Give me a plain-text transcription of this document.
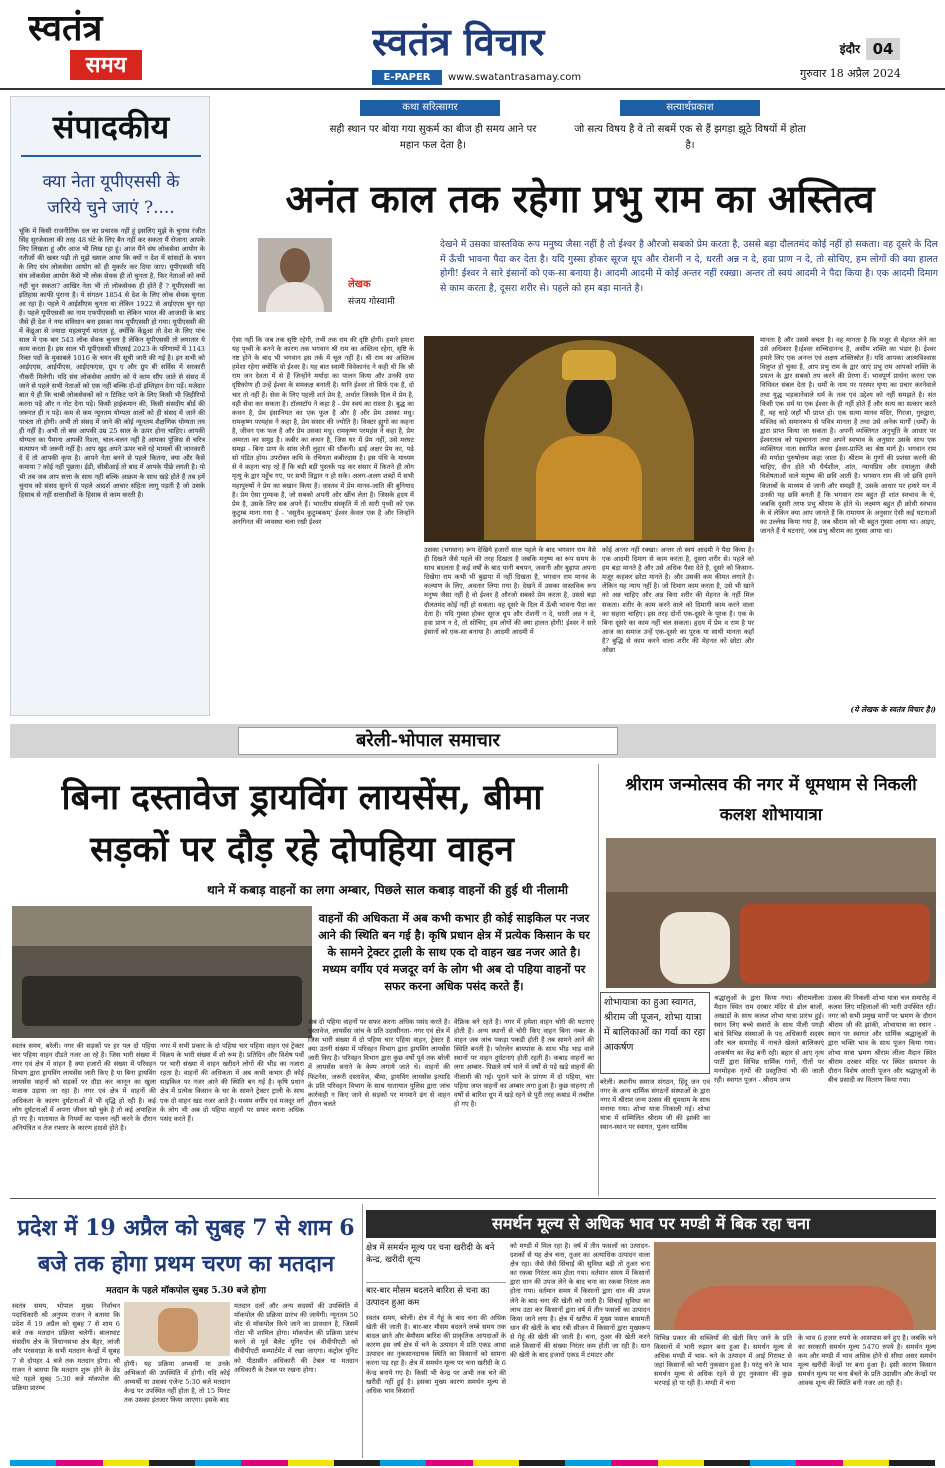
स्वतंत्र
समय
स्वतंत्र विचार
E-PAPER	www.swatantrasamay.com
इंदौर 04
गुरुवार 18 अप्रैल 2024
संपादकीय
क्या नेता यूपीएससी के जरिये चुने जाएं ?....
चूंकि में किसी राजनीतिक दल का प्रचारक नहीं हूं इसलिए मुझे के चुनाव रंजीत सिंह सुरजेवाला की तरह 48 घंटे के लिए बैन नहीं कर सकता मैं रोजाना आपके लिए लिखता हूं और आज भी लिख रहा हूं। आज मैंने संघ लोकसेवा आयोग के नतीजों की खबर पढ़ी तो मुझे ख्याल आया कि क्यों न देश में सांसदों के चयन के लिए संघ लोकसेवा आयोग को ही मुकर्रर कर दिया जाए। यूपीएससी यदि संघ लोकसेवा आयोग कैसे भी लोक सेवक ही तो चुनता है, फिर नेताओं को क्यों नहीं चुन सकता? आखिर नेता भी तो लोकसेवक ही होते हैं ? यूपीएससी का इतिहास काफी पुराना है। ये संगठन 1854 से देश के लिए लोक सेवक चुनता आ रहा है। पहले ये आईसीएस चुनता था लेकिन 1922 से आईएएस चुन रहा है। पहले यूपीएससी का नाम एफपीएससी था लेकिन भारत की आजादी के बाद जैसे ही देश ने नया संविधान बना इसका नाम यूपीएससी हो गया। यूपीएससी की में केंद्रुआ से ज्यादा महत्वपूर्ण मानता हूं, क्योंकि केंद्रुआ तो देश के लिए पांच साल में एक बार 543 लोक सेवक चुनता है लेकिन यूपीएससी तो लगातार ये काम करता है। इस साल भी यूपीएससी सीएसई 2023 के परिणामों में 1143 रिक्त पदों के मुकाबले 1016 के चयन की सूची जारी की गई है। इन सभी को आईएएस, आईपीएस, आईएफएस, ग्रुप ए और ग्रुप बी सर्विस में सरकारी नौकरी मिलेगी। यदि संघ लोकसेवा आयोग को ये काम सौंप जाते से संसद में जाने से पहले सभी नेताओं को एक नहीं बल्कि दो-दो इम्तिहान देना पड़ें। मजेदार बात ये ही कि चाबी लोकसेवकों को न टिकिट पाने के लिए किसी भी जिहीरियों करना पड़े और न नोट देना पड़े। किसी हाईकमान की, किसी संसदीय बोर्ड की जरूरत ही न पड़े। कम से कम न्यूनतम योग्यता वालों को ही संसद में जाने की पात्रता तो होगी। अभी तो संसद में जाने की कोई न्यूनतम शैक्षणिक योग्यता तय ही नहीं है। अभी तो बस आपकी उम्र 25 साल के ऊपर होना चाहिए। आपकी योग्यता का पैमाना आपकी रिश्ता, चाल-चलन नहीं है आपका पूंजिस से चरित्र सत्यापन भी जरूरी नहीं है। आप खुद अपने ऊपर चले रहे मामलों की जानकारी दे दें तो आपकी कृपा है। आपने नेता बनने से पहले कितना, क्या और कैसे कमाया ? कोई नहीं पूछता। ईडी, सीबीआई तो बाद में आपके पीछे लगती है। यो भी तब जब आप सत्ता के साथ नहीं बल्कि आक्रम के साथ खड़े होते हैं तब हमें चुनाव को संसद सुनने से पहले आदर्श आचार संहिता लागू पड़ती है जो उसके हिसाब से नहीं सत्ताधीशों के हिसाब से काम करती है।
कथा सरित्सागर
सही स्थान पर बोया गया सुकर्म का बीज ही समय आने पर महान फल देता है।
सत्यार्थप्रकाश
जो सत्य विषय है वे तो सबमें एक से हैं झगड़ा झूठे विषयों में होता है।
अनंत काल तक रहेगा प्रभु राम का अस्तित्व
लेखक
संजय गोस्वामी
देखने में उसका वास्तविक रूप मनुष्य जैसा नहीं है तो ईश्वर है औरजो सबको प्रेम करता है, उससे बड़ा दौलतमंद कोई नहीं हो सकता। वह दूसरे के दिल में ऊँची भावना पैदा कर देता है। यदि गुस्सा होकर सूरज धूप और रोशनी न दे, धरती अन्न न दे, हवा प्राण न दे, तो सोचिए, हम लोगों की क्या हालत होगी! ईश्वर ने सारे इंसानों को एक-सा बनाया है। आदमी आदमी में कोई अन्तर नहीं रक्खा। अन्तर तो स्वयं आदमी ने पैदा किया है। एक आदमी दिमाग से काम करता है, दूसरा शरीर से। पहले को हम बड़ा मानते है।
ऐसा नहीं कि जब तक सृष्टि रहेगी, तभी तक राम की दृष्टि होगी। हमारे हमारा यह पृथ्वी के बनने के कारण तक भगवान श्री राम का अस्तित्व रहेगा, सृष्टि के नष्ट होने के बाद भी भगवान इस तर्क में चूल नहीं है। श्री राम का अस्तित्व हमेशा रहेगा क्योंकि वो ईश्वर है। यह बात स्वामी विवेकानंद ने कही थी कि श्री राम जन देवता में से हैं जिन्होंने मर्यादा का पालन किया और उनकी दया दृष्टिकोण ही उन्हें ईश्वर के समकक्ष बनाती है। यानि ईश्वर तो सिर्फ एक है, दो चार तो नहीं हैं। सेवा के लिए पहली शर्त प्रेम है, अर्थात जिसके दिल में प्रेम है, वही सेवा कर सकता है। टॉलस्टॉय ने कहा है - प्रेम स्वयं का रास्ता है। बुद्ध का कथन है, प्रेम इंसानियत का एक फूल है और है और प्रेम उसका मधु। रामकृष्ण परमहंस ने कहा है, प्रेम संसार की ज्योति है। विक्टर ह्यूगो का कहना है, जीवन एक फल है और प्रेम उसका मधु। रामकृष्ण परमहंस ने कहा है, प्रेम अमरता का समुद्र है। कबीर का कथन है, जिस घर में प्रेम नहीं, उसे मरघट समझ - बिना प्राण के सांस लेती लुहार की धौंकनी। ढाई अक्षर प्रेम का, पढ़े सो पंडित होय। उपरोक्त कथि के रचियता कबीरदास है। इस पंथि के माध्यम से ये कहना चाह रहे हैं कि बड़ी बड़ी पुस्तकें पढ़ कर संसार में कितने ही लोग मृत्यु के द्वार पहुँच गए, पर सभी विद्वान न हो सके। अलग-अलग शब्दों में सभी महापुरुषों ने प्रेम का बखान किया है। वास्तव में प्रेम मानव-जाति की बुनियाद है। प्रेम ऐसा गुम्फक है, जो सबको अपनी ओर खींच लेता है। जिसके हृदय में प्रेम है, उसके लिए सब अपने हैं। भारतीय संस्कृति में तो सारी पृथ्वी को एक कुटुम्ब माना गया है - 'वसुधैव कुटुम्बकम्' ईश्वर केवल एक है और जिन्होंने अनगिनत की व्यवस्था चला रखी ईश्वर
उसका (भगवान) रूप देखिये हजारों साल पहले के बाद भगवान राम वैसे ही दिखते जैसे पहले की तरह दिखता है जबकि मनुष्य का रूप समय के साथ बदलता है कई वर्षों के बाद यानी बचपन, जवानी और बुढ़ापा अपना दिखेगा राम कभी भी बुढ़ापा में नहीं दिखता है, भगवान राम मानव के कल्याण के लिए, अवतार लिया गया है। देखने में उसका वास्तविक रूप मनुष्य जैसा नहीं है वो ईश्वर है औरजो सबको प्रेम करता है, उससे बड़ा दौलतमंद कोई नहीं हो सकता। वह दूसरे के दिल में ऊँची भावना पैदा कर देता है। यदि गुस्सा होकर सूरज धूप और रोशनी न दे, धरती अन्न न दे, हवा प्राण न दे, तो सोचिए, हम लोगों की क्या हालत होगी! ईश्वर ने सारे इंसानों को एक-सा बनाया है। आदमी आदमी में
कोई अन्तर नहीं रक्खा। अन्तर तो स्वयं आदमी ने पैदा किया है। एक आदमी दिमाग से काम करता है, दूसरा शरीर से। पहले को हम बड़ा मानते है और उसे अधिक पैसा देते है, दूसरे को किसान-मजूर कहकर छोटा मानते है। और उसकी कम कीमत लगाते है। लेकिन यह न्याय नहीं है। जो दिमाग काम करता है, उसे भी खाने को अन्न चाहिए और अन्न बिना शरीर की मेहनत के नहीं मिल सकता। शरीर के काम करने वाले को दिमागी काम करने वाला का सहारा चाहिए। इस तरह दोनों एक-दूसरे के पूरक है। एक के बिना दूसरे का काम नहीं चल सकता। हृदय में प्रेम व राम है पर आज का समाज उन्हें एक-दूसरे का पूरक या साथी मानता कहाँ है? बुद्धि से काम करने वाला शरीर की मेहनत को छोटा और ओछा
मानता है और उससे बचता है। वह मानता है कि मजूर से मेहनत लेने का उसे अधिकार है।ईश्वर सच्चिदानन्द है, असीम शक्ति का भंडार है। ईश्वर हमारे लिए एक अनन्त एवं अक्षय शक्तिस्रोत है। यदि आपका आत्मविश्वास विलुप्त हो चुका है, आप प्रभु राम के द्वार जाएं प्रभु राम आपको शक्ति के प्रयत्न के द्वार सबको तप करने की प्रेरणा दें। भावपूर्ण प्रार्थना करना एक विधिवत संबल देता है। धर्मों के नाम पर परस्पर घृणा का प्रचार करनेवाले तथा युद्ध भड़कानेवाले धर्म के तत्व एवं उद्देश्य को नहीं समझते है। संत किसी एक धर्म या एक ईश्वर के ही नहीं होते हैं और सत्य का सत्कार करते हैं, वह चाहे जहाँ भी प्राप्त हो। एक सत्या मानव मंदिर, गिरजा, गुरुद्वारा, मस्जिद को समानरूप से पवित्र मानता है तथा उसे अनेक मार्गों (धर्मों) के द्वारा प्राप्त किया जा सकता है। अपनी व्यक्तिगत अनुभूति के आधार पर ईश्वरतत्व को पहचानना तथा अपने स्वभाव के अनुसार उसके साथ एक व्यक्तिगत नाता स्थापित करना ईश्वर-प्राप्ति का श्रेष्ठ मार्ग है। भगवान राम की मर्यादा पुरुषोत्तम कहा जाता है। श्रीराम के गुणों की प्रशंसा करनी की चाहिए, दीन होते भी धैर्यशील, शांत, न्यायप्रिय और दयालुता जैसी विशेषताओं वाले मनुष्य की छवि आती है। भगवान राम की जो छवि हमने किताबों के माध्यम से जानी और समझी है, उसके आधार पर हमारे मन में उनकी यह छवि बनती है कि भगवान राम बहुत ही शांत स्वभाव के थे, जबकि दूसरी तरफ प्रभु श्रीराम के होते थे। लक्ष्मण बहुत ही क्रोधी स्वभाव के थे लेकिन क्या आप जानते हैं कि रामायण के अनुसार ऐसी कई घटनाओं का उल्लेख किया गया है, जब श्रीराम को भी बहुत गुस्सा आया था। आइए, जानते हैं ये घटनाएं, जब प्रभु श्रीराम का गुस्सा आया था।
(ये लेखक के स्वतंत्र विचार है।)
बरेली-भोपाल समाचार
बिना दस्तावेज ड्रायविंग लायसेंस, बीमा
सड़कों पर दौड़ रहे दोपहिया वाहन
थाने में कबाड़ वाहनों का लगा अम्बार, पिछले साल कबाड़ वाहनों की हुई थी नीलामी
वाहनों की अधिकता में अब कभी कभार ही कोई साइकिल पर नजर आने की स्थिति बन गई है। कृषि प्रधान क्षेत्र में प्रत्येक किसान के घर के सामने ट्रेक्टर ट्राली के साथ एक दो वाहन खड नजर आते है। मध्यम वर्गीय एवं मजदूर वर्ग के लोग भी अब दो पहिया वाहनों पर सफर करना अधिक पसंद करते हैं।
स्वतंत्र समय, बरेली। नगर की सड़कों पर हर पल दो पहिया चार पहिया वाहन दौडते नजर आ रहे है। जिस भारी संख्या में नगर एवं क्षेत्र में वाहन है क्या हजारों की संख्या में परिवहन विभाग द्वारा ड्रायविंग लायसेंस जारी किए है या बिना ड्रायविंग लायसेंस वाहनों को सड़कों पर दौड़ा कर कानून का खुला मजाक उड़ाया जा रहा है। नगर एवं क्षेत्र में वाहनों की अधिकता के कारण दुर्घटनाओं में भी वृद्धि हो रही है। कई लोग दुर्घटनाओं में अपना जीवन खो चुके है तो कई अपाहिज हो गए है। यातायात के नियमों का पालन नहीं करने के दौरान अनियंत्रित व तेज रफ्तार के कारण हादसे होते है।
नगर में सभी प्रकार के दो पहिया चार पहिया वाहन एवं ट्रेक्टर विक्रय के भारी संख्या में शो रूम है। प्रतिदिन और विशेष पर्वों पर भारी संख्या में वाहन खरीदने लोगों की भीड का नजारा रहता है। वाहनों की अधिकता में अब कभी कभार ही कोई साइकिल पर नजर आने की स्थिति बन गई है। कृषि प्रधान क्षेत्र में प्रत्येक किसान के घर के सामने ट्रेक्टर ट्राली के साथ एक दो वाहन खड नजर आते है। मध्यम वर्गीय एवं मजदूर वर्ग के लोग भी अब दो पहिया वाहनों पर सफर करना अधिक पसंद करते हैं।
अब दो पहिया वाहनों पर सफर करना अधिक पसंद करते है। दस्तावेज, लायसेंस जांच के प्रति उदासीनता- नगर एवं क्षेत्र में जिस भारी संख्या में दो पहिया चार पहिया वाहन, ट्रेक्टर है क्या उतनी संख्या में परिवहन विभाग द्वारा ड्रायविंग लायसेंस जारी किए है। परिवहन विभाग द्वारा कुछ वर्षो पूर्व तक बरेली में लायसेंस बनाने के केम्प लगाये जाते थे। वाहनों की फिटनेस, जरूरी दस्तावेज, बीमा, ड्रायविंग लायसेंस इत्यादि के प्रति परिवहन विभाग के साथ यातायात पुलिस द्वारा जांच कार्रवाही न किए जाने से सड़कों पर मनमाने ढंग से वाहन दौरान चलते
वेफ्रिक बने रहते है। नगर में हमेशा वाहन चोरी की घटनाएं होती है। अन्य स्थानों से चोरी किए वाहन बिना नम्बर के वाहन जब जांच पकड़ा पकडी होती है तब सामने आने की स्थिति बनती है। फोरलेन बायपास के साथ भीड़ भाड़ वाले स्थानों पर वाहन दुर्घटनाएं होती रहती है। कबाड़ वाहनों का लगा अम्बार- पिछले वर्ष थाने में वर्षों से पड़े खड़े वाहनों की नीलामी की गई। पुराने थाने के प्रांगण में दो पहिया, चार पहिया जप्त वाहनों का अम्बार लगा हुआ है। कुछ वाहनए तो वर्षों से बारिश धूप में खड़े रहने से पूरी तरह कबाड में तब्दील हो गए है।
श्रीराम जन्मोत्सव की नगर में धूमधाम से निकली कलश शोभायात्रा
शोभायात्रा का हुआ स्वागत, श्रीराम जी पूजन, शोभा यात्रा में बालिकाओं का गर्वा का रहा आकर्षण
बरेली। स्थानीय समाज संगठन, हिंदू जन एवं नगर के अन्य धार्मिक संगठनों संस्थाओं के द्वारा नगर में श्रीराम जन्म उत्सव की धूमधाम के साथ मनाया गया। शोभा यात्रा निकाली गई। शोभा यात्रा में सम्मिलित श्रीराम जी की झांकी का स्थान-स्थान पर स्वागत, पूजन धार्मिक
श्रद्धालुओं के द्वारा किया गया। श्रीरामलीला मैदान स्थित राम दरबार मंदिर से ढोल बाजों, अखाडों के साथ कलश शोभा यात्रा प्रारंभ हुई। स्थान लिए बच्चे सवारों के साथ पीली पगड़ी बांधे विभिन्न संस्थाओं के पद अधिकारी सदस्य और चल समारोह में नाचते खेलते बालिकाएं आकर्षण का केंद्र बनी रही। बहार से आए नृत्य पार्टी द्वारा विभिन्न धार्मिक गानों, गीतों पर मनमोहक नृत्यों की प्रस्तुतियां भी की जाती रही। स्वागत पूजन - श्रीराम जन्म
उत्सव की निकली शोभा यात्रा चल समारोह में कलश लिए महिलाओं की भारी उपस्थित रही। नगर को सभी प्रमुख मार्गों पर भ्रमण के दौरान श्रीराम जी की झांकी, शोभायात्रा का स्थान - स्थान पर स्वागत और धार्मिक श्रद्धालुओं के द्वारा भक्ति भाव के साथ पूजन किया गया। शोभा यात्रा भ्रमण श्रीराम लीला मैदान स्थित श्रीराम दरबार मंदिर पर स्थित समापन के दौरान विशेष आरती पूजन और श्रद्धालुओं के बीच प्रसादी का वितरण किया गया।
प्रदेश में 19 अप्रैल को सुबह 7 से शाम 6
बजे तक होगा प्रथम चरण का मतदान
मतदान के पहले मॉकपोल सुबह 5.30 बजे होगा
स्वतंत्र समय, भोपाल मुख्य निर्वाचन पदाधिकारी श्री अनुपम राजन ने बताया कि प्रदेश में 19 अप्रैल को सुबह 7 से शाम 6 बजे तक मतदान प्रक्रिया चलेगी। बालाघाट संसदीय क्षेत्र के विधानसभा क्षेत्र बैहर, लांजी और परसवाड़ा के सभी मतदान केन्द्रों में सुबह 7 से दोपहर 4 बजे तक मतदान होगा। श्री राजन ने बताया कि मतदान शुरू होने के डेढ़ घंटे पहले सुबह 5:30 बजे मॉकपोल की प्रक्रिया प्रारम्भ
होगी। यह प्रक्रिया अभ्यर्थी या उनके अभिकर्ता की उपस्थिति में होगी। यदि कोई अभ्यर्थी या उसका एजेन्ट 5:30 बजे मतदान केन्द्र पर उपस्थित नहीं होता है, तो 15 मिनट तक उसका इंतजार किया जाएगा। इसके बाद
मतदान दलों और अन्य सदस्यों की उपस्थिति में मॉकपोल की प्रक्रिया प्रारंभ की जायेगी। न्यूनतम 50 वोट से मॉकपोल किये जाने का प्रावधान है, जिसमें नोटा भी शामिल होगा। मॉकपोल की प्रक्रिया प्रारंभ करने से पूर्व बैलेट यूनिट एवं वीवीपीएटी को वीवीपीएटी कम्पार्टमेंट में रखा जाएगा। कंट्रोल यूनिट को पीठासीन अधिकारी की टेबल या मतदान अधिकारी के टेबल पर रखना होगा।
समर्थन मूल्य से अधिक भाव पर मण्डी में बिक रहा चना
क्षेत्र में समर्थन मूल्य पर चना खरीदी के बने केन्द्र, खरीदी शून्य
बार-बार मौसम बदलने बारिश से चना का उत्पादन हुआ कम
स्वतंत्र समय, बरेली। क्षेत्र में गेहूं के बाद चना की अधिक खेती की जाती है। बार-बार मौसम बदलने लम्बे समय तक बादल छाने और बेमौसम बारिश की प्राकृतिक आपदाओं के कारण इस वर्ष क्षेत्र में चने के उत्पादन में प्रति एकड़ आधा उत्पादन का नुकसानदायक स्थिति का किसानों को सामना करना पड़ रहा है। क्षेत्र में समर्थन मूल्य पर चना खरीदी के 6 केन्द्र बनाये गए है। किसी भी केन्द्र पर अभी तक चने की खरीदी नहीं हुई है। इसका मुख्य कारण समर्थन मूल्य से अधिक भाव किसानों
को मण्डी में मिल रहा है। वर्ष में तीन फसलों का उत्पादन- दशकों से यह क्षेत्र चना, तुअर का अत्याधिक उत्पादन वाला क्षेत्र रहा। जैसे जैसे सिंचाई की सुविधा बढ़ी तो तुअर चना का रकबा निरंतर कम होता गया। वर्तमान समय में किसानों द्वारा धान की उपज लेने के बाद चना का रकबा निरंतर कम होता गया। वर्तमान समय में किसानों द्वारा धान की उपज लेने के बाद चना की खेती को जाती है। सिंचाई सुविधा का लाभ उठा कर किसानों द्वारा वर्ष में तीन फसलों का उत्पादन किया जाने लगा है। क्षेत्र में खरीफ में मुख्य फसल बासमती धान की खेती के बाद रबी सीजन में किसानों द्वारा मुख्यरूप से गेहूं की खेती की जाती है। चना, तुअर की खेती करने वाले किसानों की संख्या निरंतर कम होती जा रही है। धान की खेती के बाद हजारों एकड में टमाटर और
विभिन्न प्रकार की सब्जियों की खेती किए जाने के प्रति किसानों में भारी रुझान बना हुआ है। समर्थन मूल्य से अधिक मण्डी में भाव- चने के उत्पादन में आई गिरावट से जहां किसानों को भारी नुकसान हुआ है। परंतु चने के भाव समर्थन मूल्य से अधिक रहने से हुए नुकसान की कुछ भरपाई हो पा रही है। मण्डी में चना
के भाव 6 हजार रुपये के आसपास बने हुए है। जबकि चने का सरकारी समर्थन मूल्य 5470 रुपये है। समर्थन मूल्य कम और मण्डी में भाव अधिक होने से सीधा असर समर्थन मूल्य खरीदी केन्द्रों पर बना हुआ है। इसी कारण किसान समर्थन मूल्य पर चना बेचने के प्रति उदासीन और केन्द्रों पर आवक शून्य की स्थिति बनी नजर आ रही है।
